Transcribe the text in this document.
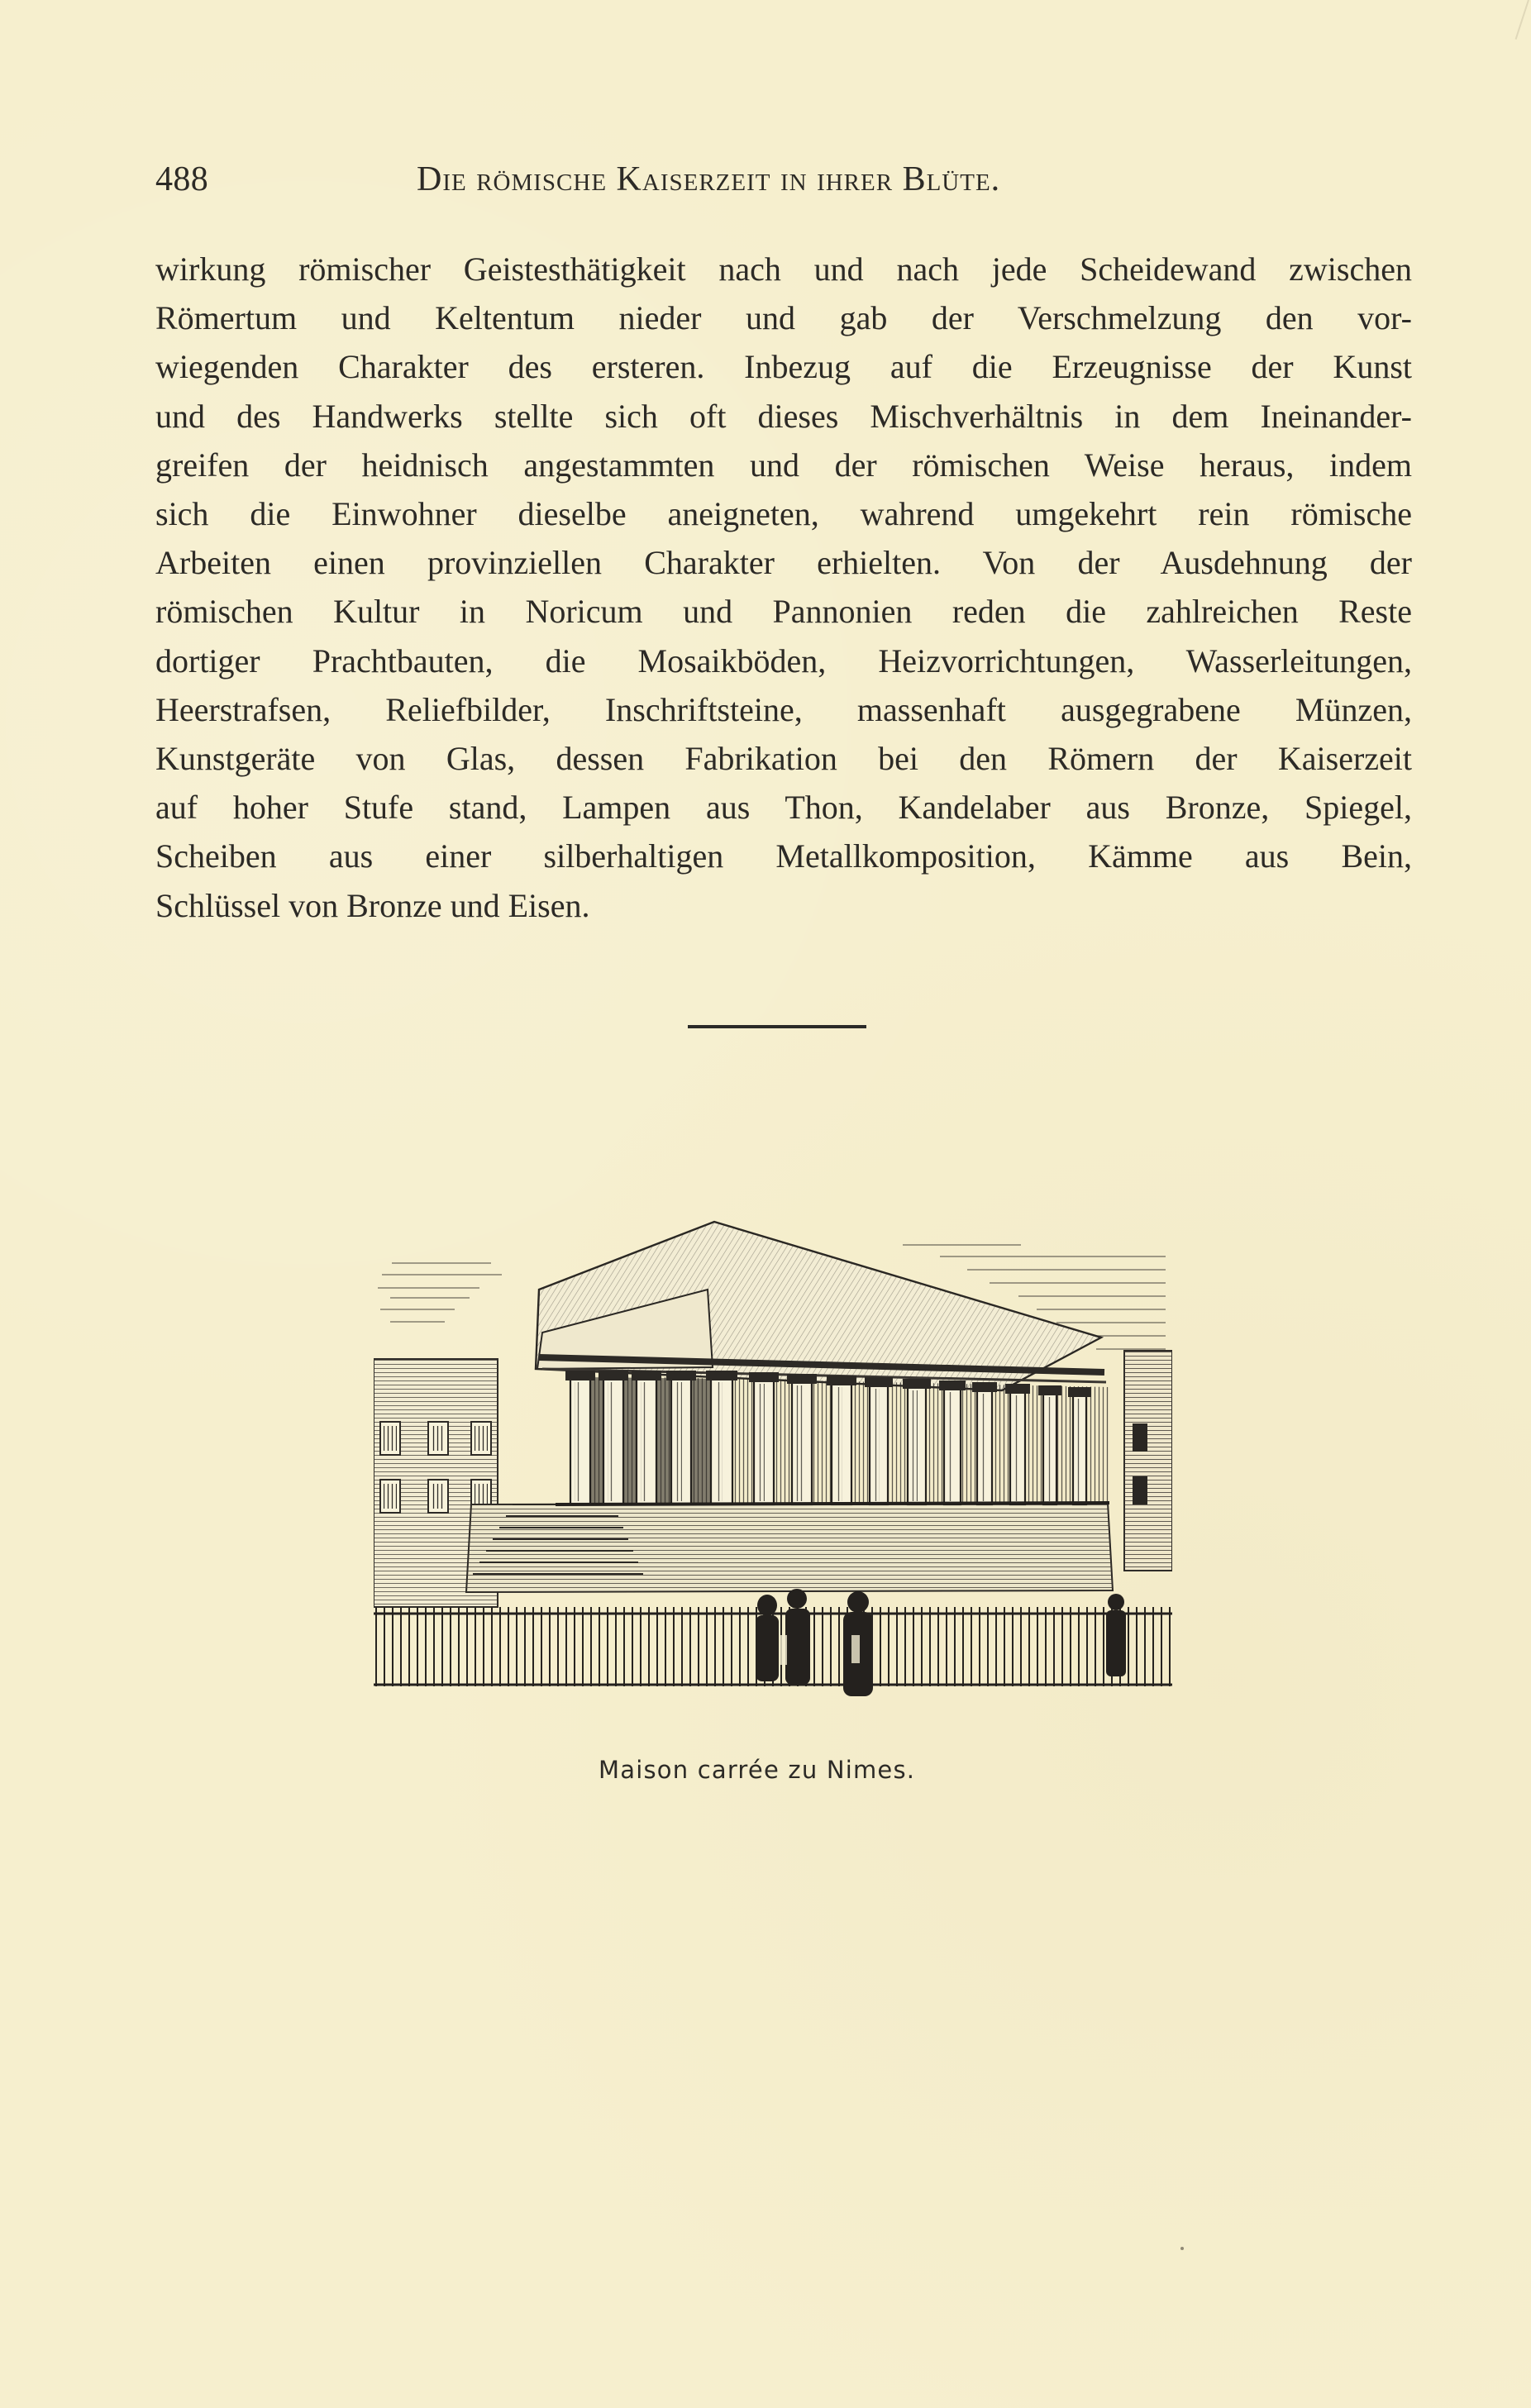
488	Die römische Kaiserzeit in ihrer Blüte.
wirkung römischer Geistesthätigkeit nach und nach jede Scheidewand zwischen
Römertum und Keltentum nieder und gab der Verschmelzung den vor-
wiegenden Charakter des ersteren. Inbezug auf die Erzeugnisse der Kunst
und des Handwerks stellte sich oft dieses Mischverhältnis in dem Ineinander-
greifen der heidnisch angestammten und der römischen Weise heraus, indem
sich die Einwohner dieselbe aneigneten, wahrend umgekehrt rein römische
Arbeiten einen provinziellen Charakter erhielten. Von der Ausdehnung der
römischen Kultur in Noricum und Pannonien reden die zahlreichen Reste
dortiger Prachtbauten, die Mosaikböden, Heizvorrichtungen, Wasserleitungen,
Heerstrafsen, Reliefbilder, Inschriftsteine, massenhaft ausgegrabene Münzen,
Kunstgeräte von Glas, dessen Fabrikation bei den Römern der Kaiserzeit
auf hoher Stufe stand, Lampen aus Thon, Kandelaber aus Bronze, Spiegel,
Scheiben aus einer silberhaltigen Metallkomposition, Kämme aus Bein,
Schlüssel von Bronze und Eisen.
Maison carrée zu Nimes.
